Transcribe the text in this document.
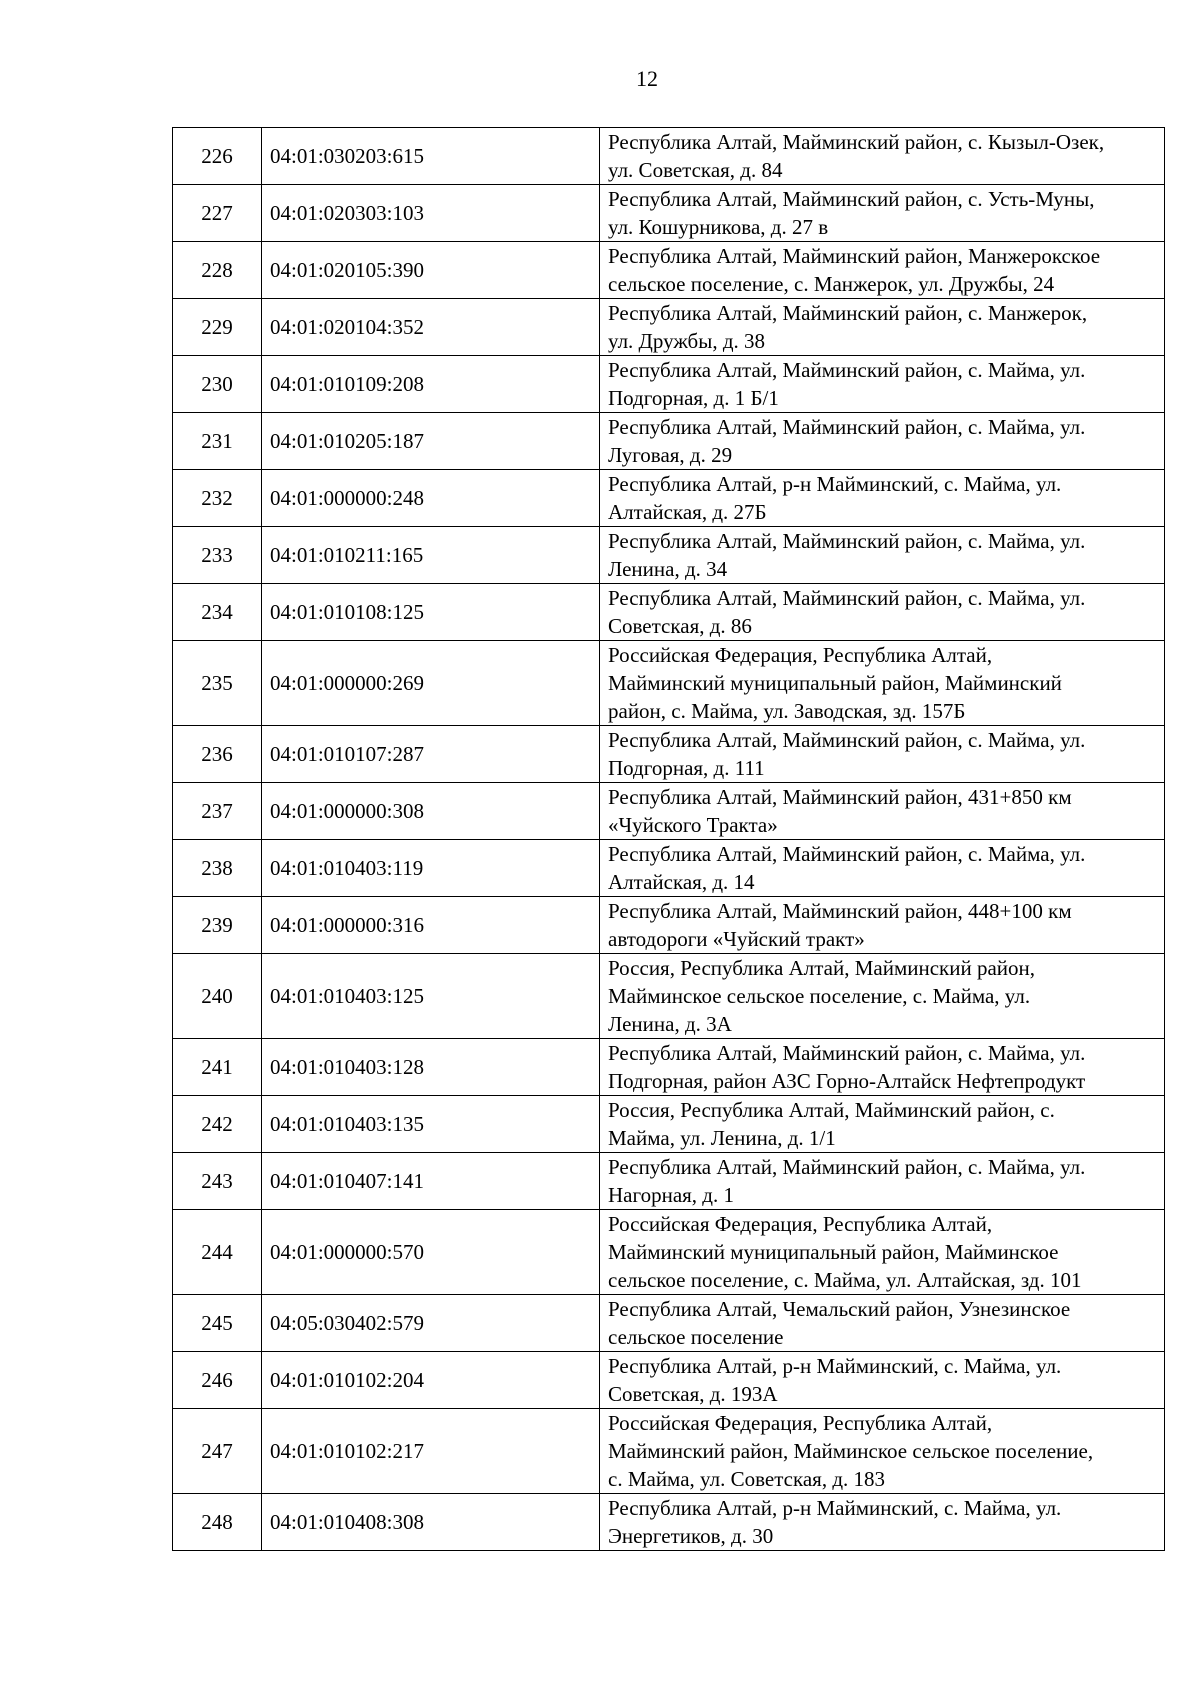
12
226	04:01:030203:615	Республика Алтай, Майминский район, с. Кызыл-Озек,
ул. Советская, д. 84

227	04:01:020303:103	Республика Алтай, Майминский район, с. Усть-Муны,
ул. Кошурникова, д. 27 в

228	04:01:020105:390	Республика Алтай, Майминский район, Манжерокское
сельское поселение, с. Манжерок, ул. Дружбы, 24

229	04:01:020104:352	Республика Алтай, Майминский район, с. Манжерок,
ул. Дружбы, д. 38

230	04:01:010109:208	Республика Алтай, Майминский район, с. Майма, ул.
Подгорная, д. 1 Б/1

231	04:01:010205:187	Республика Алтай, Майминский район, с. Майма, ул.
Луговая, д. 29

232	04:01:000000:248	Республика Алтай, р-н Майминский, с. Майма, ул.
Алтайская, д. 27Б

233	04:01:010211:165	Республика Алтай, Майминский район, с. Майма, ул.
Ленина, д. 34

234	04:01:010108:125	Республика Алтай, Майминский район, с. Майма, ул.
Советская, д. 86

235	04:01:000000:269	Российская Федерация, Республика Алтай,
Майминский муниципальный район, Майминский
район, с. Майма, ул. Заводская, зд. 157Б

236	04:01:010107:287	Республика Алтай, Майминский район, с. Майма, ул.
Подгорная, д. 111

237	04:01:000000:308	Республика Алтай, Майминский район, 431+850 км
«Чуйского Тракта»

238	04:01:010403:119	Республика Алтай, Майминский район, с. Майма, ул.
Алтайская, д. 14

239	04:01:000000:316	Республика Алтай, Майминский район, 448+100 км
автодороги «Чуйский тракт»

240	04:01:010403:125	Россия, Республика Алтай, Майминский район,
Майминское сельское поселение, с. Майма, ул.
Ленина, д. 3А

241	04:01:010403:128	Республика Алтай, Майминский район, с. Майма, ул.
Подгорная, район АЗС Горно-Алтайск Нефтепродукт

242	04:01:010403:135	Россия, Республика Алтай, Майминский район, с.
Майма, ул. Ленина, д. 1/1

243	04:01:010407:141	Республика Алтай, Майминский район, с. Майма, ул.
Нагорная, д. 1

244	04:01:000000:570	Российская Федерация, Республика Алтай,
Майминский муниципальный район, Майминское
сельское поселение, с. Майма, ул. Алтайская, зд. 101

245	04:05:030402:579	Республика Алтай, Чемальский район, Узнезинское
сельское поселение

246	04:01:010102:204	Республика Алтай, р-н Майминский, с. Майма, ул.
Советская, д. 193А

247	04:01:010102:217	Российская Федерация, Республика Алтай,
Майминский район, Майминское сельское поселение,
с. Майма, ул. Советская, д. 183

248	04:01:010408:308	Республика Алтай, р-н Майминский, с. Майма, ул.
Энергетиков, д. 30
